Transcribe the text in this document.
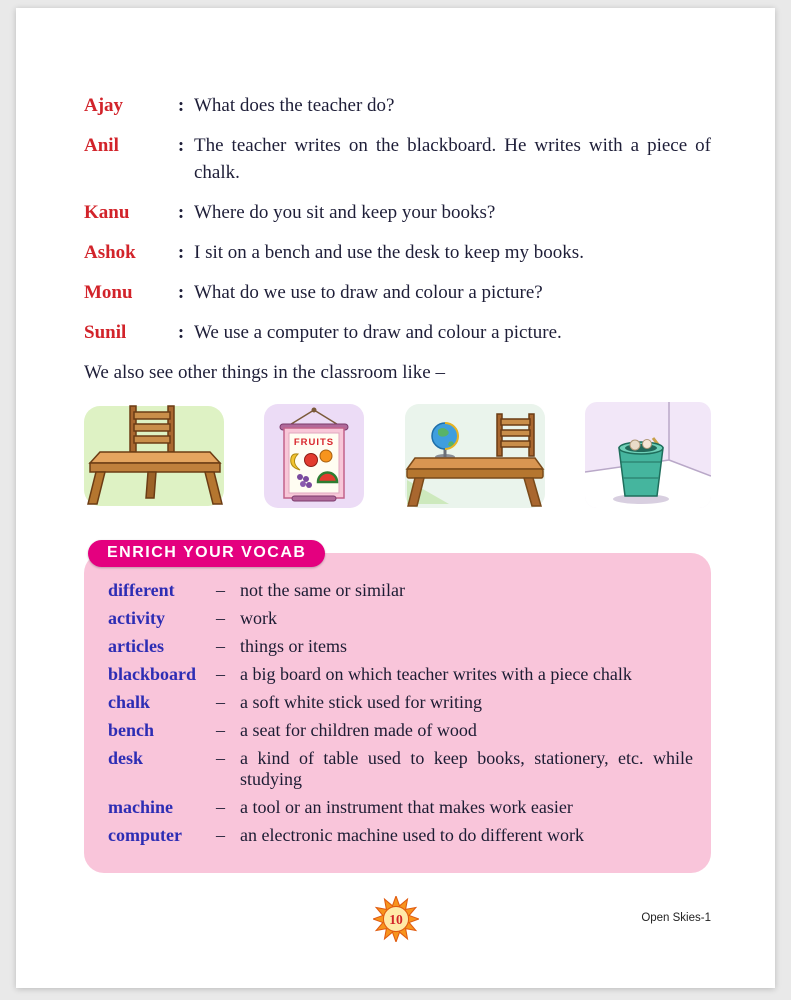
Ajay	: What does the teacher do?
Anil	: The teacher writes on the blackboard. He writes with a piece of chalk.
Kanu	: Where do you sit and keep your books?
Ashok	: I sit on a bench and use the desk to keep my books.
Monu	: What do we use to draw and colour a picture?
Sunil	: We use a computer to draw and colour a picture.

We also see other things in the classroom like –

FRUITS
ENRICH YOUR VOCAB
different	– not the same or similar
activity	– work
articles	– things or items
blackboard	– a big board on which teacher writes with a piece chalk
chalk	– a soft white stick used for writing
bench	– a seat for children made of wood
desk	– a kind of table used to keep books, stationery, etc. while studying
machine	– a tool or an instrument that makes work easier
computer	– an electronic machine used to do different work
10	Open Skies-1
